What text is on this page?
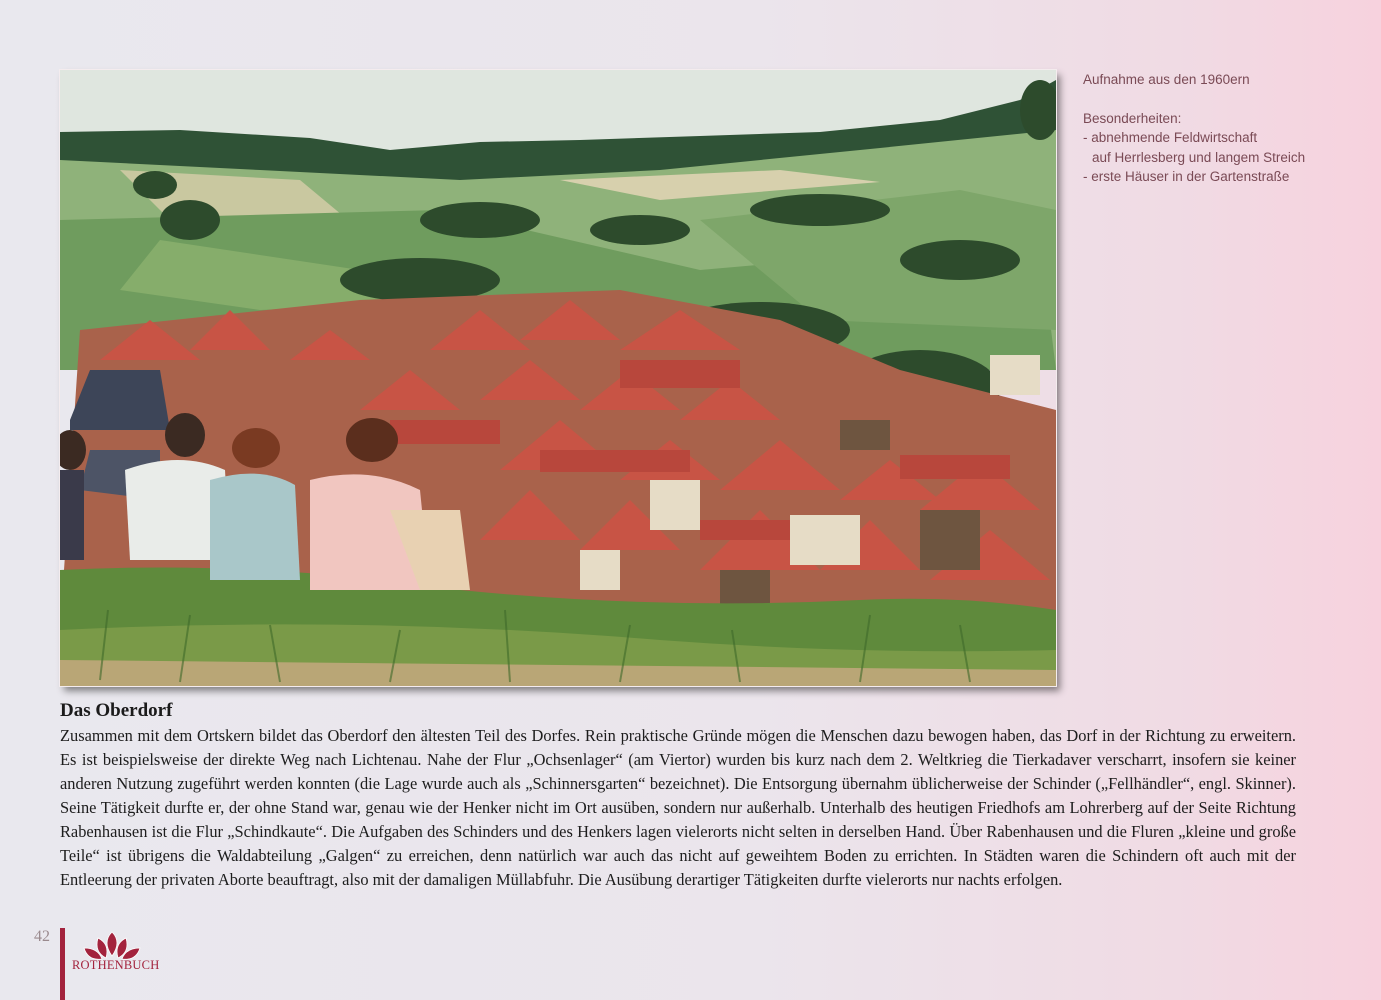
Aufnahme aus den 1960ern

Besonderheiten:

- abnehmende Feldwirtschaft

auf Herrlesberg und langem Streich

- erste Häuser in der Gartenstraße

Das Oberdorf

Zusammen mit dem Ortskern bildet das Oberdorf den ältesten Teil des Dorfes. Rein praktische Gründe mögen die Menschen dazu bewogen haben, das Dorf in der Richtung zu erweitern. Es ist beispielsweise der direkte Weg nach Lichtenau. Nahe der Flur „Ochsenlager“ (am Viertor) wurden bis kurz nach dem 2. Weltkrieg die Tierkadaver verscharrt, insofern sie keiner anderen Nutzung zugeführt werden konnten (die Lage wurde auch als „Schinnersgarten“ bezeichnet). Die Entsorgung übernahm üblicherweise der Schinder („Fellhändler“, engl. Skinner). Seine Tätigkeit durfte er, der ohne Stand war, genau wie der Henker nicht im Ort ausüben, sondern nur außerhalb. Unterhalb des heutigen Friedhofs am Lohrerberg auf der Seite Richtung Rabenhausen ist die Flur „Schindkaute“. Die Aufgaben des Schinders und des Henkers lagen vielerorts nicht selten in derselben Hand. Über Rabenhausen und die Fluren „kleine und große Teile“ ist übrigens die Waldabteilung „Galgen“ zu erreichen, denn natürlich war auch das nicht auf geweihtem Boden zu errichten. In Städten waren die Schindern oft auch mit der Entleerung der privaten Aborte beauftragt, also mit der damaligen Müllabfuhr. Die Ausübung derartiger Tätigkeiten durfte vielerorts nur nachts erfolgen.

42
ROTHENBUCH
